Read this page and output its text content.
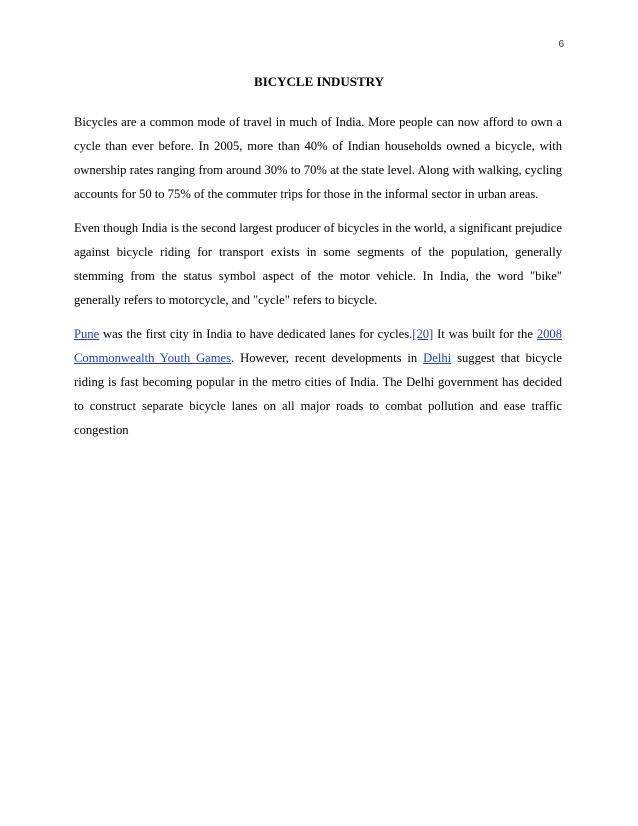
6
BICYCLE INDUSTRY

Bicycles are a common mode of travel in much of India. More people can now afford to own a cycle than ever before. In 2005, more than 40% of Indian households owned a bicycle, with ownership rates ranging from around 30% to 70% at the state level. Along with walking, cycling accounts for 50 to 75% of the commuter trips for those in the informal sector in urban areas.

Even though India is the second largest producer of bicycles in the world, a significant prejudice against bicycle riding for transport exists in some segments of the population, generally stemming from the status symbol aspect of the motor vehicle. In India, the word "bike" generally refers to motorcycle, and "cycle" refers to bicycle.

Pune was the first city in India to have dedicated lanes for cycles.[20] It was built for the 2008 Commonwealth Youth Games. However, recent developments in Delhi suggest that bicycle riding is fast becoming popular in the metro cities of India. The Delhi government has decided to construct separate bicycle lanes on all major roads to combat pollution and ease traffic congestion
